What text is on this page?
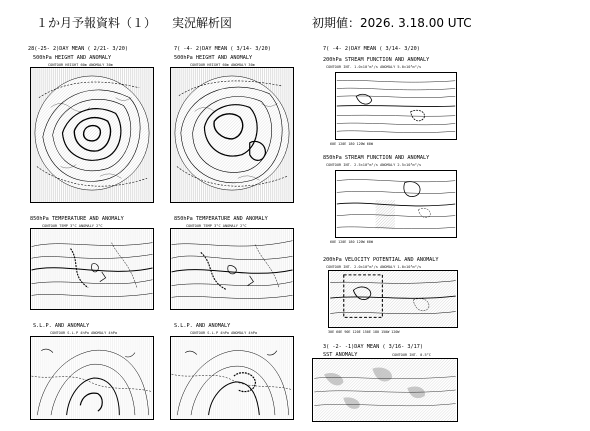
１か月予報資料（１） 実況解析図	初期値：2026. 3.18.00 UTC
28(-25- 2)DAY MEAN ( 2/21- 3/20)
500hPa HEIGHT AND ANOMALY
CONTOUR HEIGHT 60m ANOMALY 30m
850hPa TEMPERATURE AND ANOMALY
CONTOUR TEMP 3°C ANOMALY 2°C
S.L.P. AND ANOMALY
CONTOUR S.L.P 4hPa ANOMALY 4hPa
7( -4- 2)DAY MEAN ( 3/14- 3/20)
500hPa HEIGHT AND ANOMALY
CONTOUR HEIGHT 60m ANOMALY 30m
850hPa TEMPERATURE AND ANOMALY
CONTOUR TEMP 3°C ANOMALY 2°C
S.L.P. AND ANOMALY
CONTOUR S.L.P 4hPa ANOMALY 4hPa
7( -4- 2)DAY MEAN ( 3/14- 3/20)
200hPa STREAM FUNCTION AND ANOMALY
CONTOUR INT. 1.0×10⁷m²/s ANOMALY 5.0×10⁶m²/s
60E 120E 180 120W 60W
850hPa STREAM FUNCTION AND ANOMALY
CONTOUR INT. 2.5×10⁶m²/s ANOMALY 2.5×10⁶m²/s
60E 120E 180 120W 60W
200hPa VELOCITY POTENTIAL AND ANOMALY
CONTOUR INT. 2.0×10⁶m²/s ANOMALY 1.0×10⁶m²/s
30E 60E 90E 120E 150E 180 150W 120W
3( -2- -1)DAY MEAN ( 3/16- 3/17)
SST ANOMALY	CONTOUR INT. 0.5°C
